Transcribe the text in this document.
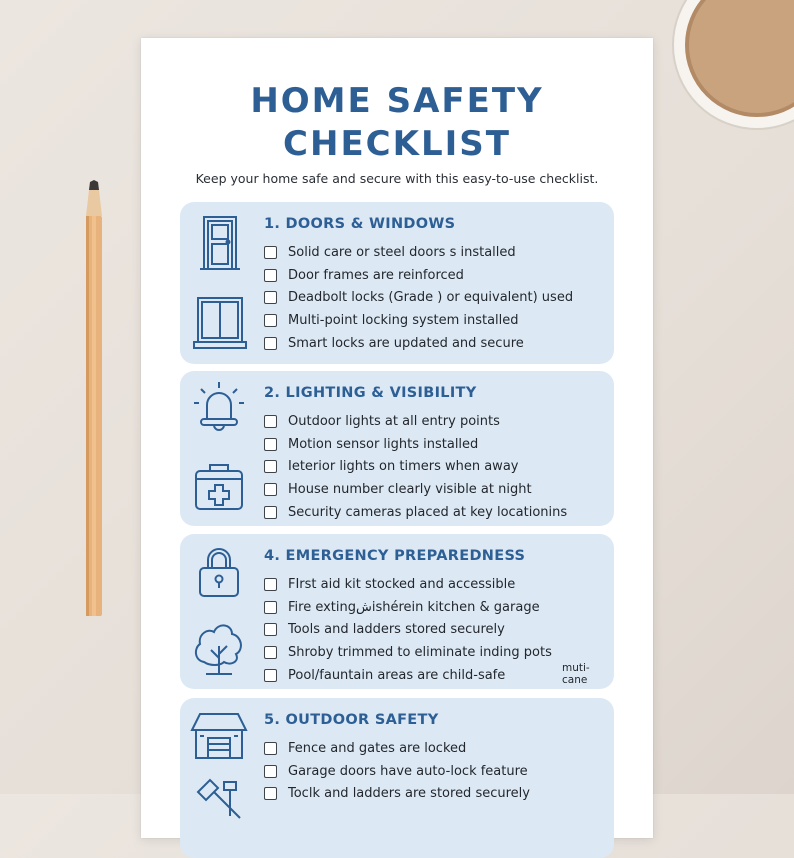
HOME SAFETY
CHECKLIST
Keep your home safe and secure with this easy-to-use checklist.
1. DOORS & WINDOWS
Solid care or steel doors s installed
Door frames are reinforced
Deadbolt locks (Grade ) or equivalent) used
Multi-point locking system installed
Smart locks are updated and secure
2. LIGHTING & VISIBILITY
Outdoor lights at all entry points
Motion sensor lights installed
Ieterior lights on timers when away
House number clearly visible at night
Security cameras placed at key locationins
4. EMERGENCY PREPAREDNESS
FIrst aid kit stocked and accessible
Fire extingشishérein kitchen & garage
Tools and ladders stored securely
Shroby trimmed to eliminate inding pots
Pool/fauntain areas are child-safe
muti-cane
5. OUTDOOR SAFETY
Fence and gates are locked
Garage doors have auto-lock feature
Toclk and ladders are stored securely
